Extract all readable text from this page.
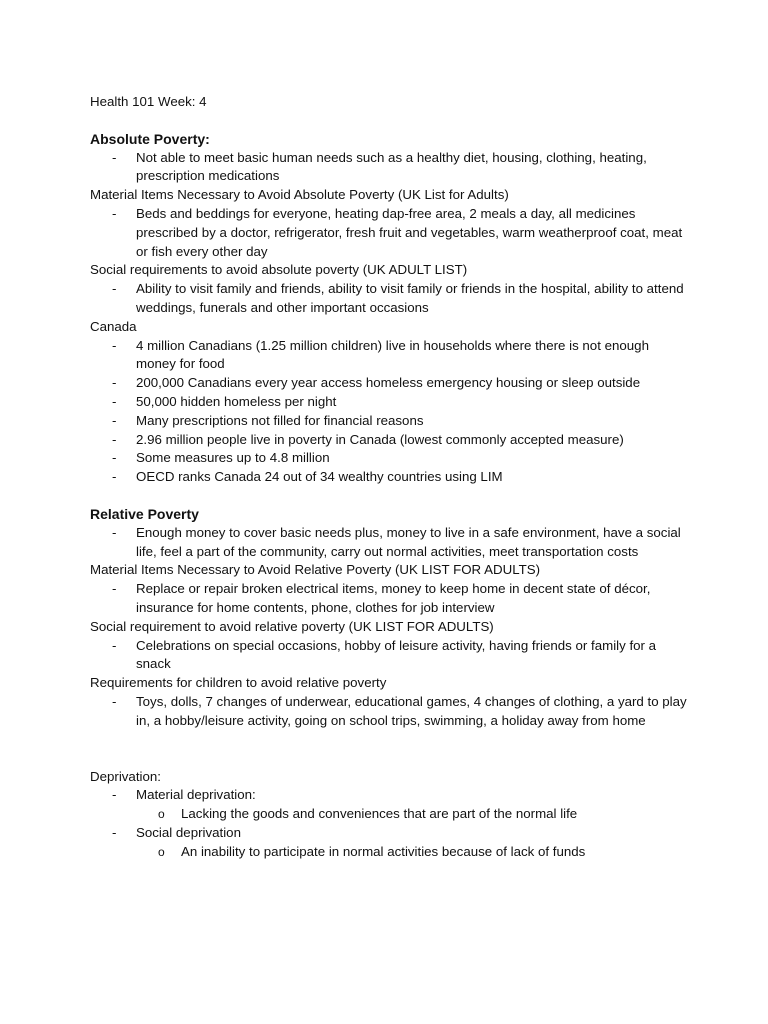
Health 101 Week: 4
Absolute Poverty:
- Not able to meet basic human needs such as a healthy diet, housing, clothing, heating, prescription medications
Material Items Necessary to Avoid Absolute Poverty (UK List for Adults)
- Beds and beddings for everyone, heating dap-free area, 2 meals a day, all medicines prescribed by a doctor, refrigerator, fresh fruit and vegetables, warm weatherproof coat, meat or fish every other day
Social requirements to avoid absolute poverty (UK ADULT LIST)
- Ability to visit family and friends, ability to visit family or friends in the hospital, ability to attend weddings, funerals and other important occasions
Canada
- 4 million Canadians (1.25 million children) live in households where there is not enough money for food
- 200,000 Canadians every year access homeless emergency housing or sleep outside
- 50,000 hidden homeless per night
- Many prescriptions not filled for financial reasons
- 2.96 million people live in poverty in Canada (lowest commonly accepted measure)
- Some measures up to 4.8 million
- OECD ranks Canada 24 out of 34 wealthy countries using LIM
Relative Poverty
- Enough money to cover basic needs plus, money to live in a safe environment, have a social life, feel a part of the community, carry out normal activities, meet transportation costs
Material Items Necessary to Avoid Relative Poverty (UK LIST FOR ADULTS)
- Replace or repair broken electrical items, money to keep home in decent state of décor, insurance for home contents, phone, clothes for job interview
Social requirement to avoid relative poverty (UK LIST FOR ADULTS)
- Celebrations on special occasions, hobby of leisure activity, having friends or family for a snack
Requirements for children to avoid relative poverty
- Toys, dolls, 7 changes of underwear, educational games, 4 changes of clothing, a yard to play in, a hobby/leisure activity, going on school trips, swimming, a holiday away from home
Deprivation:
- Material deprivation:
o Lacking the goods and conveniences that are part of the normal life
- Social deprivation
o An inability to participate in normal activities because of lack of funds
